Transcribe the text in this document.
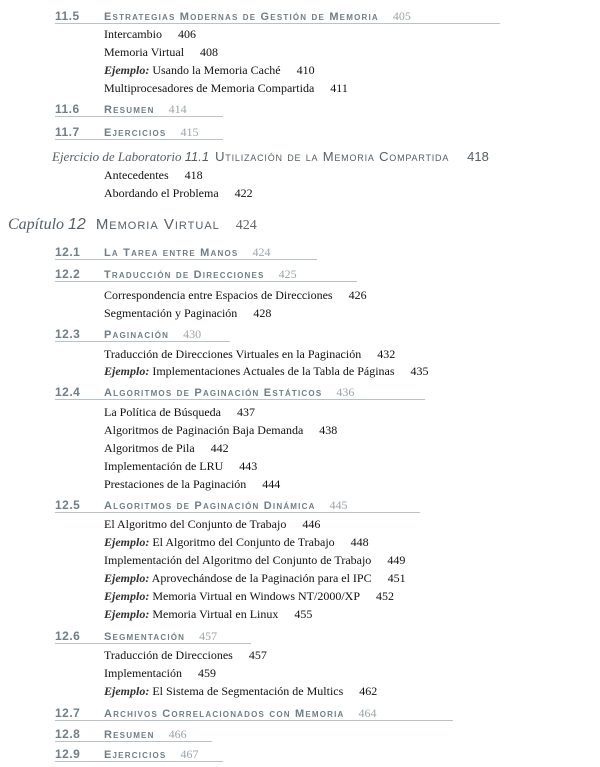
11.5 Estrategias Modernas de Gestión de Memoria 405
Intercambio 406
Memoria Virtual 408
Ejemplo: Usando la Memoria Caché 410
Multiprocesadores de Memoria Compartida 411
11.6 Resumen 414
11.7 Ejercicios 415
Ejercicio de Laboratorio 11.1 Utilización de la Memoria Compartida 418
Antecedentes 418
Abordando el Problema 422
Capítulo 12 Memoria Virtual 424
12.1 La Tarea entre Manos 424
12.2 Traducción de Direcciones 425
Correspondencia entre Espacios de Direcciones 426
Segmentación y Paginación 428
12.3 Paginación 430
Traducción de Direcciones Virtuales en la Paginación 432
Ejemplo: Implementaciones Actuales de la Tabla de Páginas 435
12.4 Algoritmos de Paginación Estáticos 436
La Política de Búsqueda 437
Algoritmos de Paginación Baja Demanda 438
Algoritmos de Pila 442
Implementación de LRU 443
Prestaciones de la Paginación 444
12.5 Algoritmos de Paginación Dinámica 445
El Algoritmo del Conjunto de Trabajo 446
Ejemplo: El Algoritmo del Conjunto de Trabajo 448
Implementación del Algoritmo del Conjunto de Trabajo 449
Ejemplo: Aprovechándose de la Paginación para el IPC 451
Ejemplo: Memoria Virtual en Windows NT/2000/XP 452
Ejemplo: Memoria Virtual en Linux 455
12.6 Segmentación 457
Traducción de Direcciones 457
Implementación 459
Ejemplo: El Sistema de Segmentación de Multics 462
12.7 Archivos Correlacionados con Memoria 464
12.8 Resumen 466
12.9 Ejercicios 467
